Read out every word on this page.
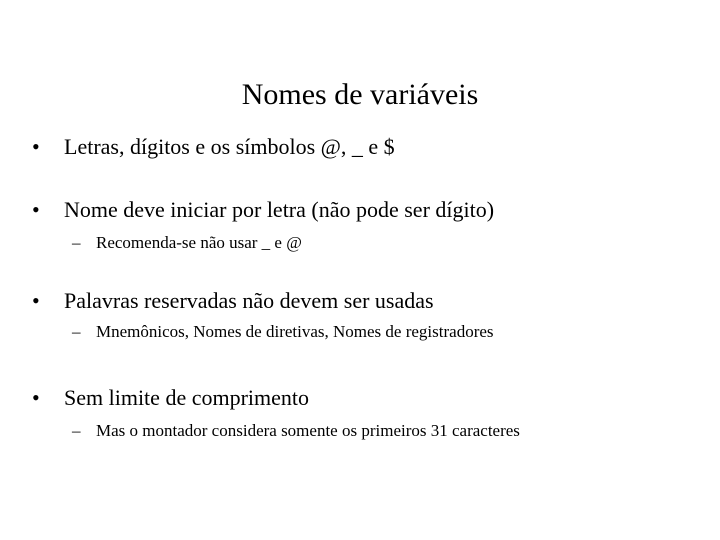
Nomes de variáveis
• Letras, dígitos e os símbolos @, _ e $
• Nome deve iniciar por letra (não pode ser dígito)
– Recomenda-se não usar _ e @
• Palavras reservadas não devem ser usadas
– Mnemônicos, Nomes de diretivas, Nomes de registradores
• Sem limite de comprimento
– Mas o montador considera somente os primeiros 31 caracteres
